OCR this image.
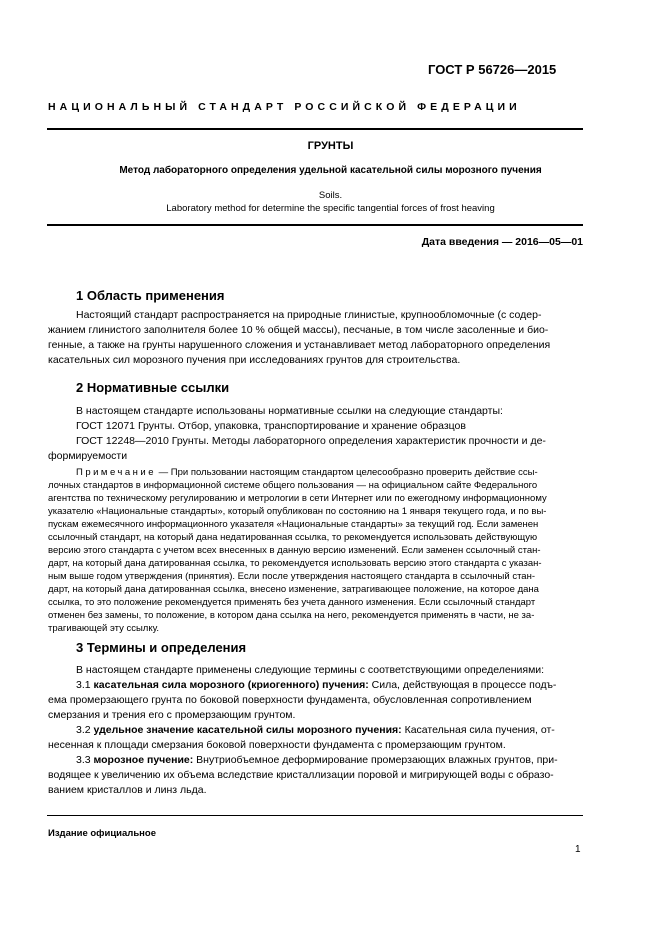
ГОСТ Р 56726—2015
НАЦИОНАЛЬНЫЙ СТАНДАРТ РОССИЙСКОЙ ФЕДЕРАЦИИ
ГРУНТЫ
Метод лабораторного определения удельной касательной силы морозного пучения
Soils.
Laboratory method for determine the specific tangential forces of frost heaving
Дата введения — 2016—05—01
1 Область применения
Настоящий стандарт распространяется на природные глинистые, крупнообломочные (с содер-
жанием глинистого заполнителя более 10 % общей массы), песчаные, в том числе засоленные и био-
генные, а также на грунты нарушенного сложения и устанавливает метод лабораторного определения
касательных сил морозного пучения при исследованиях грунтов для строительства.
2 Нормативные ссылки
В настоящем стандарте использованы нормативные ссылки на следующие стандарты:
ГОСТ 12071 Грунты. Отбор, упаковка, транспортирование и хранение образцов
ГОСТ 12248—2010 Грунты. Методы лабораторного определения характеристик прочности и де-
формируемости
Примечание — При пользовании настоящим стандартом целесообразно проверить действие ссы-
лочных стандартов в информационной системе общего пользования — на официальном сайте Федерального
агентства по техническому регулированию и метрологии в сети Интернет или по ежегодному информационному
указателю «Национальные стандарты», который опубликован по состоянию на 1 января текущего года, и по вы-
пускам ежемесячного информационного указателя «Национальные стандарты» за текущий год. Если заменен
ссылочный стандарт, на который дана недатированная ссылка, то рекомендуется использовать действующую
версию этого стандарта с учетом всех внесенных в данную версию изменений. Если заменен ссылочный стан-
дарт, на который дана датированная ссылка, то рекомендуется использовать версию этого стандарта с указан-
ным выше годом утверждения (принятия). Если после утверждения настоящего стандарта в ссылочный стан-
дарт, на который дана датированная ссылка, внесено изменение, затрагивающее положение, на которое дана
ссылка, то это положение рекомендуется применять без учета данного изменения. Если ссылочный стандарт
отменен без замены, то положение, в котором дана ссылка на него, рекомендуется применять в части, не за-
трагивающей эту ссылку.
3 Термины и определения
В настоящем стандарте применены следующие термины с соответствующими определениями:
3.1 касательная сила морозного (криогенного) пучения: Сила, действующая в процессе подъ-
ема промерзающего грунта по боковой поверхности фундамента, обусловленная сопротивлением
смерзания и трения его с промерзающим грунтом.
3.2 удельное значение касательной силы морозного пучения: Касательная сила пучения, от-
несенная к площади смерзания боковой поверхности фундамента с промерзающим грунтом.
3.3 морозное пучение: Внутриобъемное деформирование промерзающих влажных грунтов, при-
водящее к увеличению их объема вследствие кристаллизации поровой и мигрирующей воды с образо-
ванием кристаллов и линз льда.
Издание официальное
1
